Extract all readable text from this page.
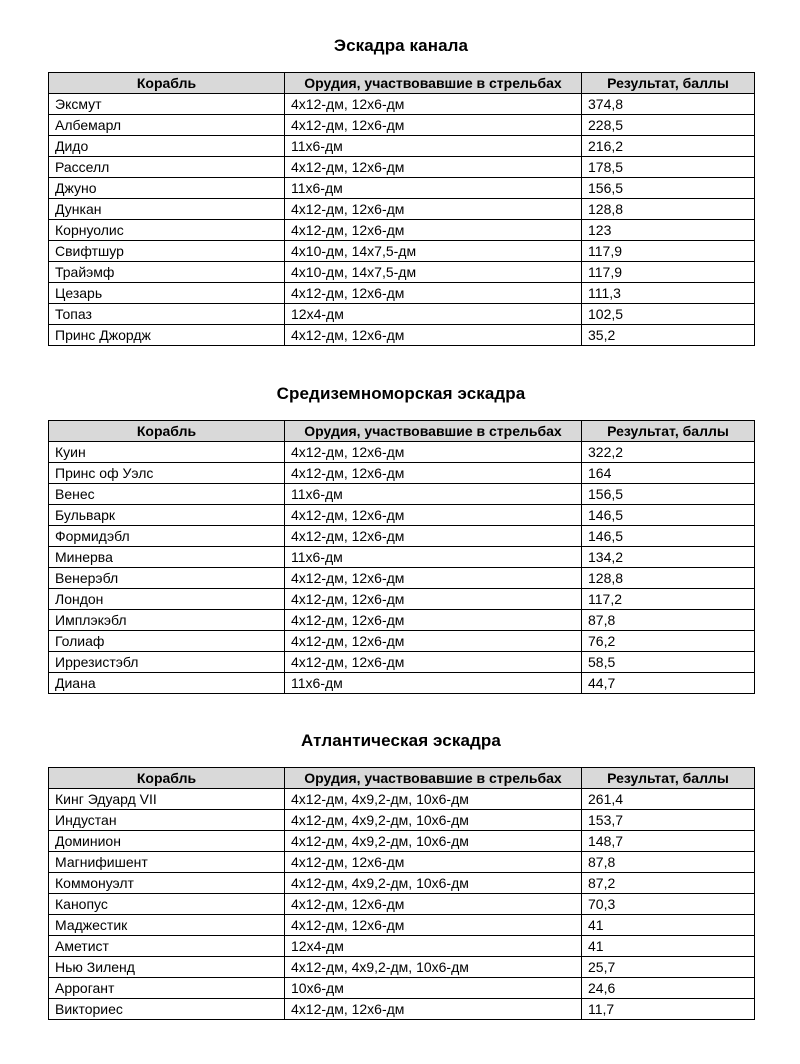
Эскадра канала
Корабль	Орудия, участвовавшие в стрельбах	Результат, баллы
Эксмут	4х12-дм, 12х6-дм	374,8
Албемарл	4х12-дм, 12х6-дм	228,5
Дидо	11х6-дм	216,2
Расселл	4х12-дм, 12х6-дм	178,5
Джуно	11х6-дм	156,5
Дункан	4х12-дм, 12х6-дм	128,8
Корнуолис	4х12-дм, 12х6-дм	123
Свифтшур	4х10-дм, 14х7,5-дм	117,9
Трайэмф	4х10-дм, 14х7,5-дм	117,9
Цезарь	4х12-дм, 12х6-дм	111,3
Топаз	12х4-дм	102,5
Принс Джордж	4х12-дм, 12х6-дм	35,2
Средиземноморская эскадра
Корабль	Орудия, участвовавшие в стрельбах	Результат, баллы
Куин	4х12-дм, 12х6-дм	322,2
Принс оф Уэлс	4х12-дм, 12х6-дм	164
Венес	11х6-дм	156,5
Бульварк	4х12-дм, 12х6-дм	146,5
Формидэбл	4х12-дм, 12х6-дм	146,5
Минерва	11х6-дм	134,2
Венерэбл	4х12-дм, 12х6-дм	128,8
Лондон	4х12-дм, 12х6-дм	117,2
Имплэкэбл	4х12-дм, 12х6-дм	87,8
Голиаф	4х12-дм, 12х6-дм	76,2
Иррезистэбл	4х12-дм, 12х6-дм	58,5
Диана	11х6-дм	44,7
Атлантическая эскадра
Корабль	Орудия, участвовавшие в стрельбах	Результат, баллы
Кинг Эдуард VII	4х12-дм, 4х9,2-дм, 10х6-дм	261,4
Индустан	4х12-дм, 4х9,2-дм, 10х6-дм	153,7
Доминион	4х12-дм, 4х9,2-дм, 10х6-дм	148,7
Магнифишент	4х12-дм, 12х6-дм	87,8
Коммонуэлт	4х12-дм, 4х9,2-дм, 10х6-дм	87,2
Канопус	4х12-дм, 12х6-дм	70,3
Маджестик	4х12-дм, 12х6-дм	41
Аметист	12х4-дм	41
Нью Зиленд	4х12-дм, 4х9,2-дм, 10х6-дм	25,7
Аррогант	10х6-дм	24,6
Викториес	4х12-дм, 12х6-дм	11,7
